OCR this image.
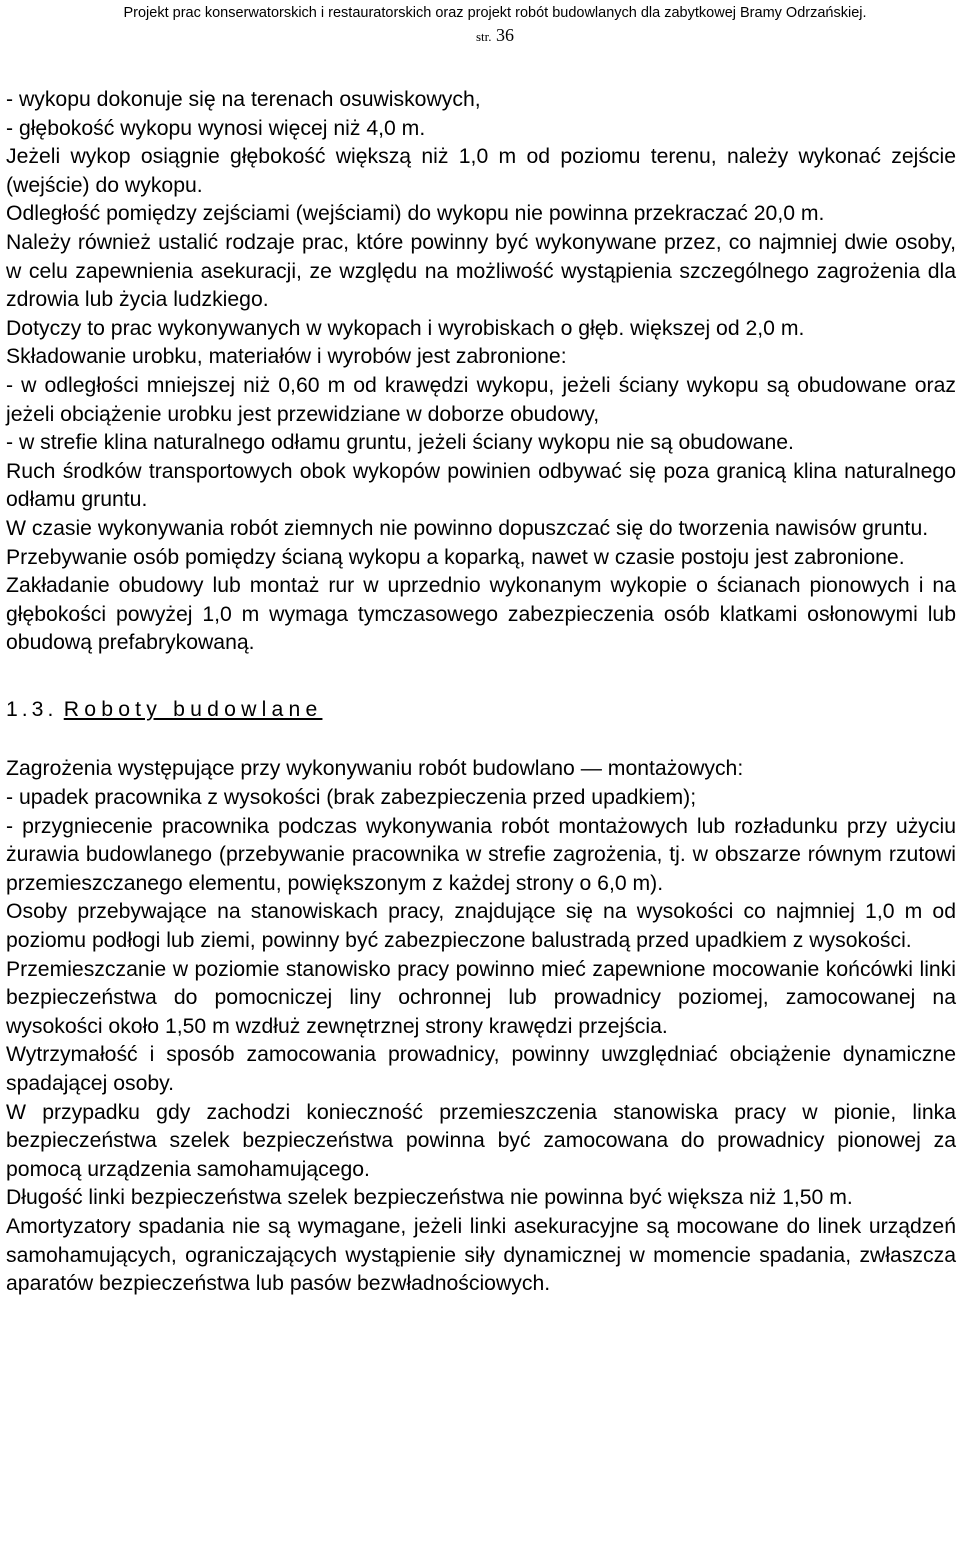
Projekt prac konserwatorskich i restauratorskich oraz projekt robót budowlanych dla zabytkowej Bramy Odrzańskiej.
str. 36

- wykopu dokonuje się na terenach osuwiskowych,

- głębokość wykopu wynosi więcej niż 4,0 m.

Jeżeli wykop osiągnie głębokość większą niż 1,0 m od poziomu terenu, należy wykonać zejście (wejście) do wykopu.

Odległość pomiędzy zejściami (wejściami) do wykopu nie powinna przekraczać 20,0 m.

Należy również ustalić rodzaje prac, które powinny być wykonywane przez, co najmniej dwie osoby, w celu zapewnienia asekuracji, ze względu na możliwość wystąpienia szczególnego zagrożenia dla zdrowia lub życia ludzkiego.

Dotyczy to prac wykonywanych w wykopach i wyrobiskach o głęb. większej od 2,0 m.

Składowanie urobku, materiałów i wyrobów jest zabronione:

- w odległości mniejszej niż 0,60 m od krawędzi wykopu, jeżeli ściany wykopu są obudowane oraz jeżeli obciążenie urobku jest przewidziane w doborze obudowy,

- w strefie klina naturalnego odłamu gruntu, jeżeli ściany wykopu nie są obudowane.

Ruch środków transportowych obok wykopów powinien odbywać się poza granicą klina naturalnego odłamu gruntu.

W czasie wykonywania robót ziemnych nie powinno dopuszczać się do tworzenia nawisów gruntu.

Przebywanie osób pomiędzy ścianą wykopu a koparką, nawet w czasie postoju jest zabronione.

Zakładanie obudowy lub montaż rur w uprzednio wykonanym wykopie o ścianach pionowych i na głębokości powyżej 1,0 m wymaga tymczasowego zabezpieczenia osób klatkami osłonowymi lub obudową prefabrykowaną.

1.3. Roboty budowlane

Zagrożenia występujące przy wykonywaniu robót budowlano — montażowych:

- upadek pracownika z wysokości (brak zabezpieczenia przed upadkiem);

- przygniecenie pracownika podczas wykonywania robót montażowych lub rozładunku przy użyciu żurawia budowlanego (przebywanie pracownika w strefie zagrożenia, tj. w obszarze równym rzutowi przemieszczanego elementu, powiększonym z każdej strony o 6,0 m).

Osoby przebywające na stanowiskach pracy, znajdujące się na wysokości co najmniej 1,0 m od poziomu podłogi lub ziemi, powinny być zabezpieczone balustradą przed upadkiem z wysokości.

Przemieszczanie w poziomie stanowisko pracy powinno mieć zapewnione mocowanie końcówki linki bezpieczeństwa do pomocniczej liny ochronnej lub prowadnicy poziomej, zamocowanej na wysokości około 1,50 m wzdłuż zewnętrznej strony krawędzi przejścia.

Wytrzymałość i sposób zamocowania prowadnicy, powinny uwzględniać obciążenie dynamiczne spadającej osoby.

W przypadku gdy zachodzi konieczność przemieszczenia stanowiska pracy w pionie, linka bezpieczeństwa szelek bezpieczeństwa powinna być zamocowana do prowadnicy pionowej za pomocą urządzenia samohamującego.

Długość linki bezpieczeństwa szelek bezpieczeństwa nie powinna być większa niż 1,50 m.

Amortyzatory spadania nie są wymagane, jeżeli linki asekuracyjne są mocowane do linek urządzeń samohamujących, ograniczających wystąpienie siły dynamicznej w momencie spadania, zwłaszcza aparatów bezpieczeństwa lub pasów bezwładnościowych.
